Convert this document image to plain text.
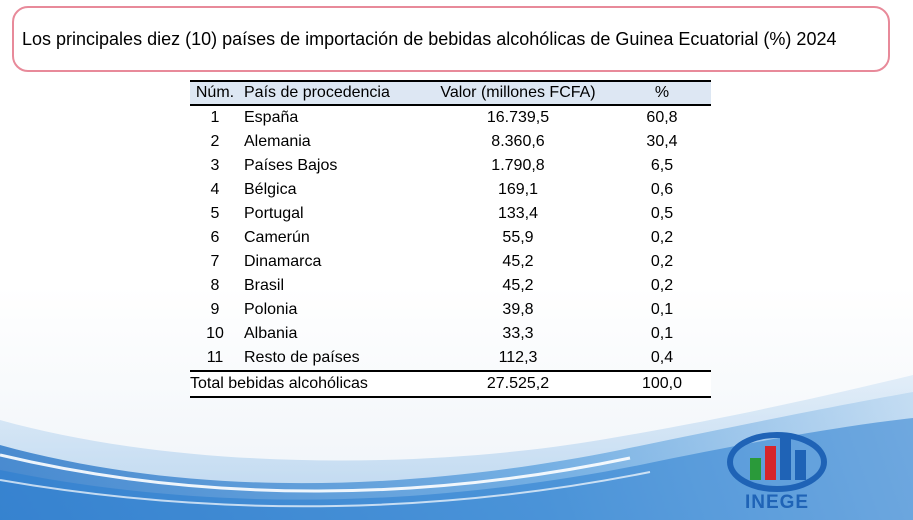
Los principales diez (10) países de importación de bebidas alcohólicas de Guinea Ecuatorial (%) 2024
Núm.	País de procedencia	Valor (millones FCFA)	%
1	España	16.739,5	60,8
2	Alemania	8.360,6	30,4
3	Países Bajos	1.790,8	6,5
4	Bélgica	169,1	0,6
5	Portugal	133,4	0,5
6	Camerún	55,9	0,2
7	Dinamarca	45,2	0,2
8	Brasil	45,2	0,2
9	Polonia	39,8	0,1
10	Albania	33,3	0,1
11	Resto de países	112,3	0,4
Total bebidas alcohólicas		27.525,2	100,0
INEGE
